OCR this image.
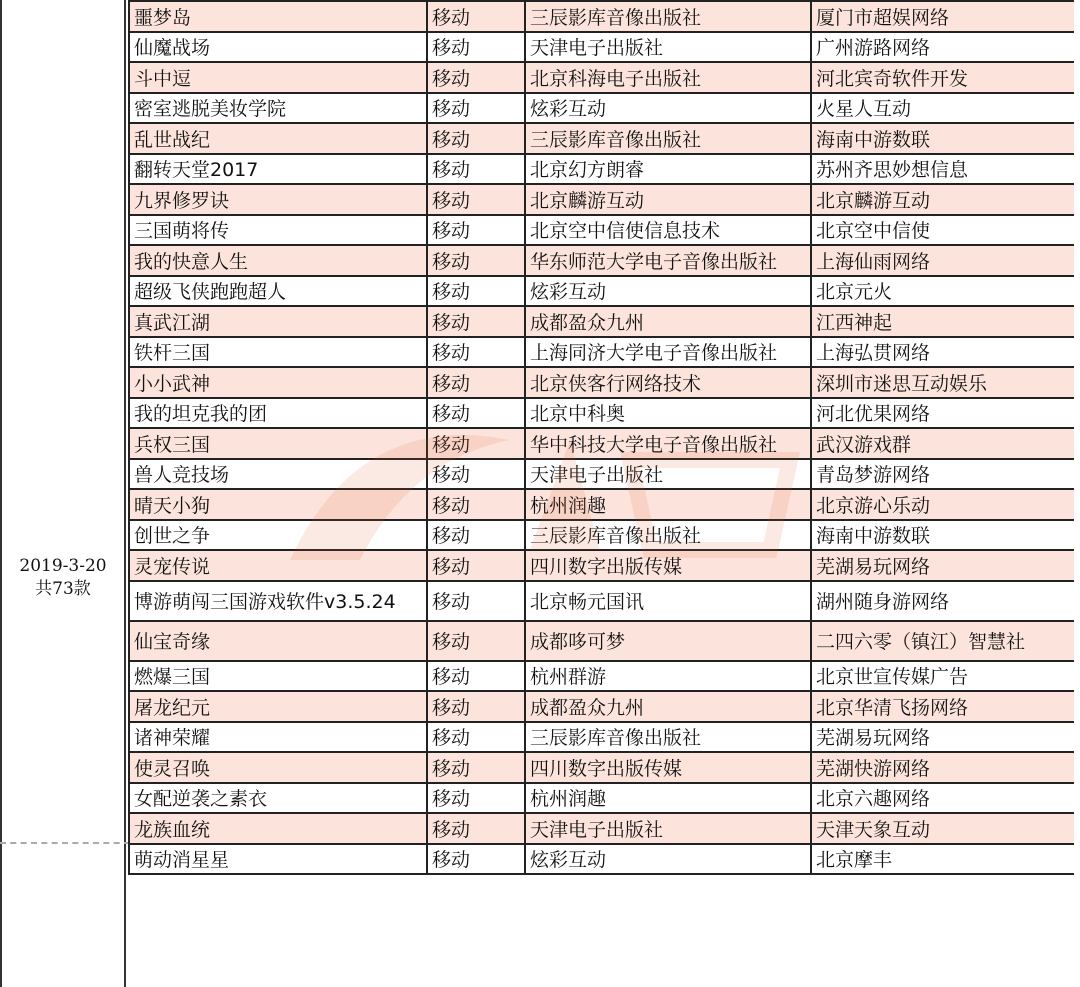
2019-3-20
共73款
噩梦岛	移动	三辰影库音像出版社	厦门市超娱网络
仙魔战场	移动	天津电子出版社	广州游路网络
斗中逗	移动	北京科海电子出版社	河北宾奇软件开发
密室逃脱美妆学院	移动	炫彩互动	火星人互动
乱世战纪	移动	三辰影库音像出版社	海南中游数联
翻转天堂2017	移动	北京幻方朗睿	苏州齐思妙想信息
九界修罗诀	移动	北京麟游互动	北京麟游互动
三国萌将传	移动	北京空中信使信息技术	北京空中信使
我的快意人生	移动	华东师范大学电子音像出版社	上海仙雨网络
超级飞侠跑跑超人	移动	炫彩互动	北京元火
真武江湖	移动	成都盈众九州	江西神起
铁杆三国	移动	上海同济大学电子音像出版社	上海弘贯网络
小小武神	移动	北京侠客行网络技术	深圳市迷思互动娱乐
我的坦克我的团	移动	北京中科奥	河北优果网络
兵权三国	移动	华中科技大学电子音像出版社	武汉游戏群
兽人竞技场	移动	天津电子出版社	青岛梦游网络
晴天小狗	移动	杭州润趣	北京游心乐动
创世之争	移动	三辰影库音像出版社	海南中游数联
灵宠传说	移动	四川数字出版传媒	芜湖易玩网络
博游萌闯三国游戏软件v3.5.24	移动	北京畅元国讯	湖州随身游网络
仙宝奇缘	移动	成都哆可梦	二四六零（镇江）智慧社
燃爆三国	移动	杭州群游	北京世宣传媒广告
屠龙纪元	移动	成都盈众九州	北京华清飞扬网络
诸神荣耀	移动	三辰影库音像出版社	芜湖易玩网络
使灵召唤	移动	四川数字出版传媒	芜湖快游网络
女配逆袭之素衣	移动	杭州润趣	北京六趣网络
龙族血统	移动	天津电子出版社	天津天象互动
萌动消星星	移动	炫彩互动	北京摩丰
